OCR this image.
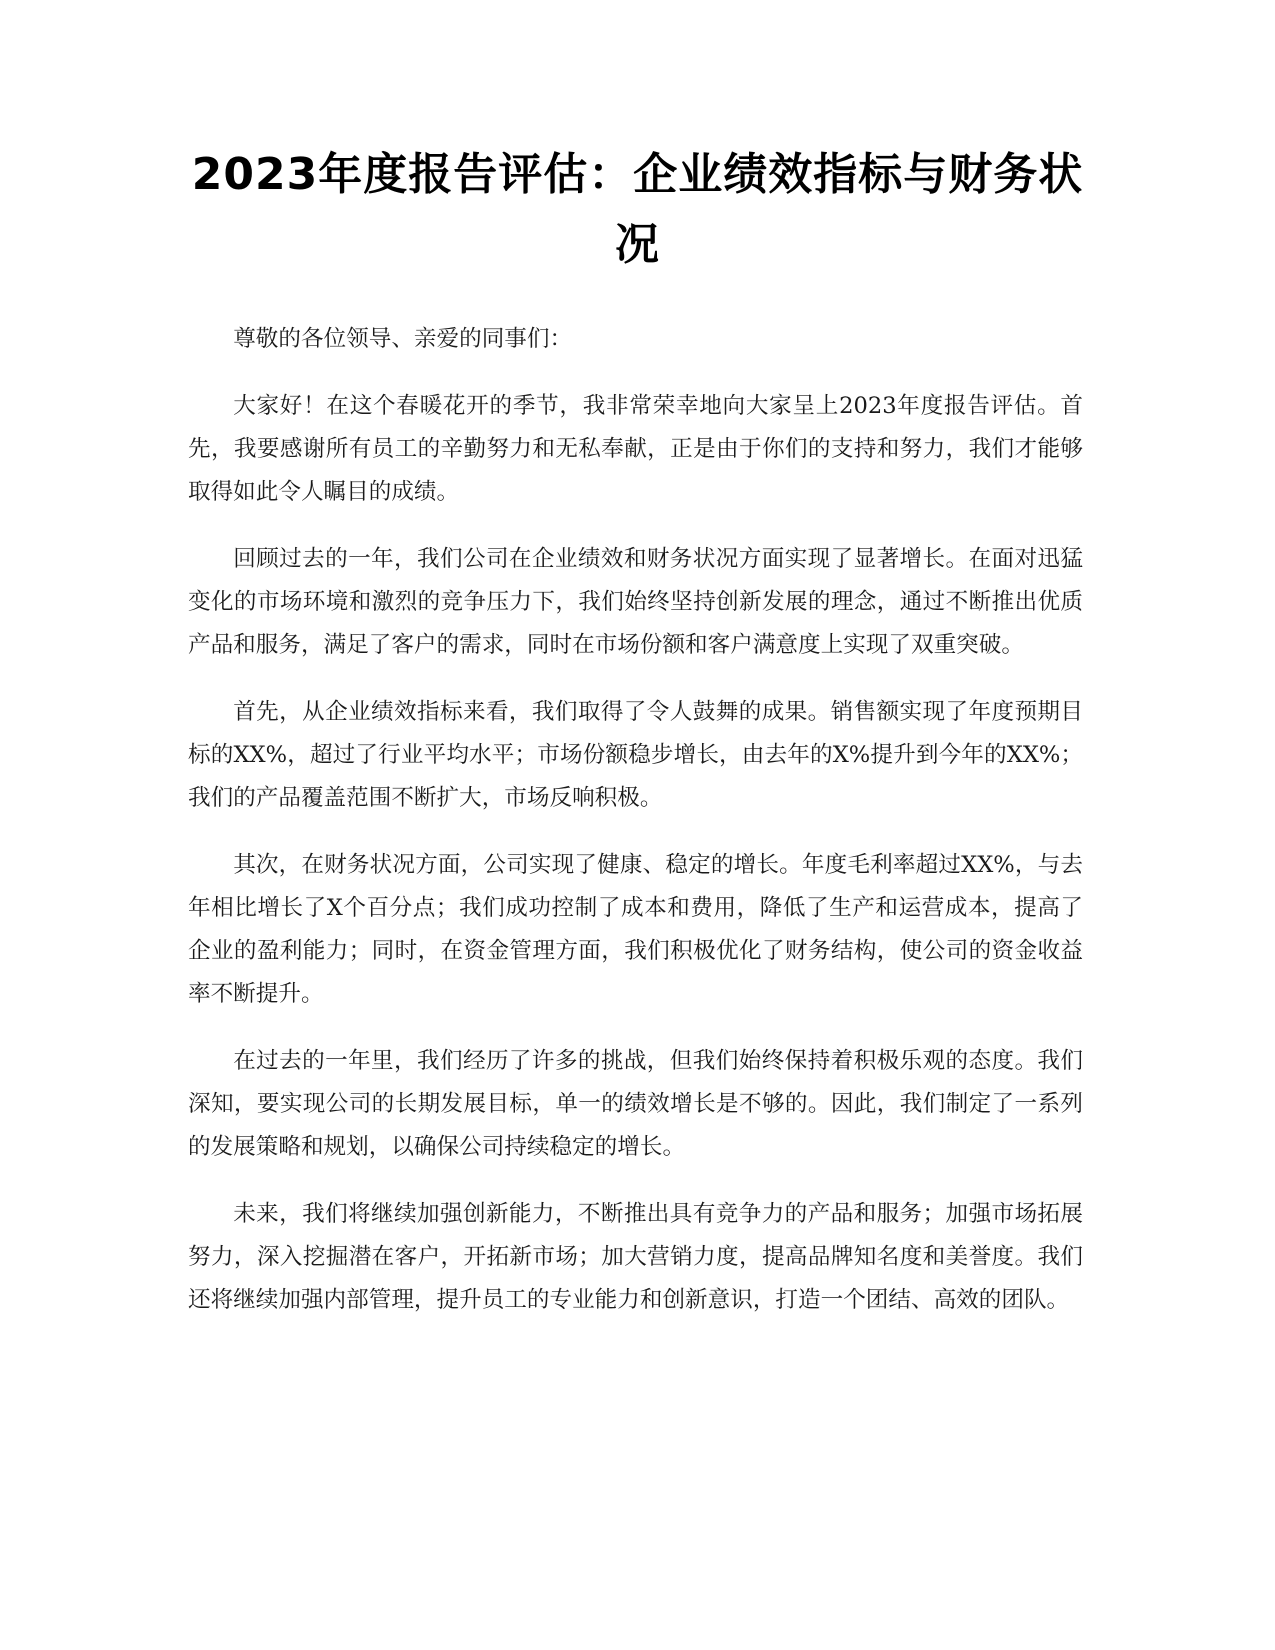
2023年度报告评估：企业绩效指标与财务状况

尊敬的各位领导、亲爱的同事们：

大家好！在这个春暖花开的季节，我非常荣幸地向大家呈上2023年度报告评估。首先，我要感谢所有员工的辛勤努力和无私奉献，正是由于你们的支持和努力，我们才能够取得如此令人瞩目的成绩。

回顾过去的一年，我们公司在企业绩效和财务状况方面实现了显著增长。在面对迅猛变化的市场环境和激烈的竞争压力下，我们始终坚持创新发展的理念，通过不断推出优质产品和服务，满足了客户的需求，同时在市场份额和客户满意度上实现了双重突破。

首先，从企业绩效指标来看，我们取得了令人鼓舞的成果。销售额实现了年度预期目标的XX%，超过了行业平均水平；市场份额稳步增长，由去年的X%提升到今年的XX%；我们的产品覆盖范围不断扩大，市场反响积极。

其次，在财务状况方面，公司实现了健康、稳定的增长。年度毛利率超过XX%，与去年相比增长了X个百分点；我们成功控制了成本和费用，降低了生产和运营成本，提高了企业的盈利能力；同时，在资金管理方面，我们积极优化了财务结构，使公司的资金收益率不断提升。

在过去的一年里，我们经历了许多的挑战，但我们始终保持着积极乐观的态度。我们深知，要实现公司的长期发展目标，单一的绩效增长是不够的。因此，我们制定了一系列的发展策略和规划，以确保公司持续稳定的增长。

未来，我们将继续加强创新能力，不断推出具有竞争力的产品和服务；加强市场拓展努力，深入挖掘潜在客户，开拓新市场；加大营销力度，提高品牌知名度和美誉度。我们还将继续加强内部管理，提升员工的专业能力和创新意识，打造一个团结、高效的团队。
